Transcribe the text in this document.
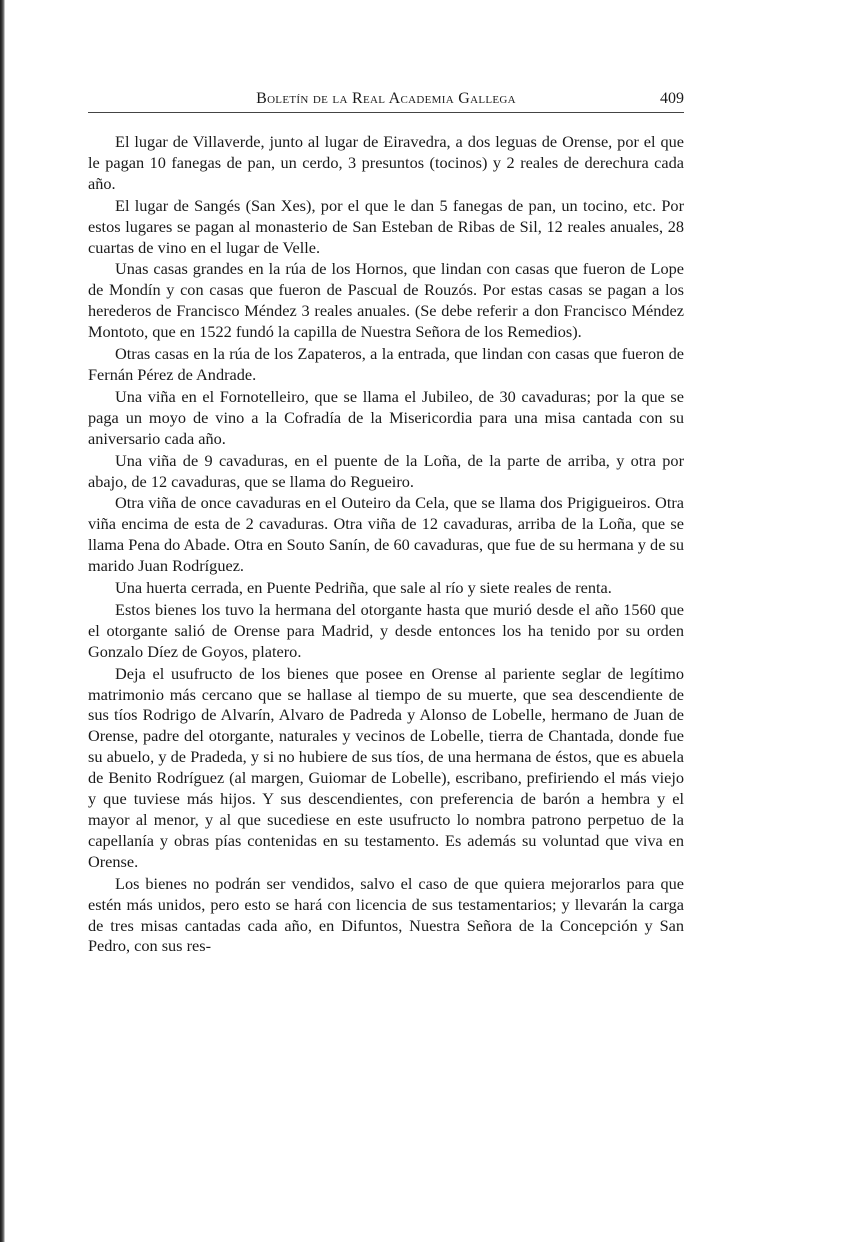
Boletín de la Real Academia Gallega	409

El lugar de Villaverde, junto al lugar de Eiravedra, a dos leguas de Orense, por el que le pagan 10 fanegas de pan, un cerdo, 3 presuntos (tocinos) y 2 reales de derechura cada año.

El lugar de Sangés (San Xes), por el que le dan 5 fanegas de pan, un tocino, etc. Por estos lugares se pagan al monasterio de San Esteban de Ribas de Sil, 12 reales anuales, 28 cuartas de vino en el lugar de Velle.

Unas casas grandes en la rúa de los Hornos, que lindan con casas que fueron de Lope de Mondín y con casas que fueron de Pascual de Rouzós. Por estas casas se pagan a los herederos de Francisco Méndez 3 reales anuales. (Se debe referir a don Francisco Méndez Montoto, que en 1522 fundó la capilla de Nuestra Señora de los Remedios).

Otras casas en la rúa de los Zapateros, a la entrada, que lindan con casas que fueron de Fernán Pérez de Andrade.

Una viña en el Fornotelleiro, que se llama el Jubileo, de 30 cavaduras; por la que se paga un moyo de vino a la Cofradía de la Misericordia para una misa cantada con su aniversario cada año.

Una viña de 9 cavaduras, en el puente de la Loña, de la parte de arriba, y otra por abajo, de 12 cavaduras, que se llama do Regueiro.

Otra viña de once cavaduras en el Outeiro da Cela, que se llama dos Prigigueiros. Otra viña encima de esta de 2 cavaduras. Otra viña de 12 cavaduras, arriba de la Loña, que se llama Pena do Abade. Otra en Souto Sanín, de 60 cavaduras, que fue de su hermana y de su marido Juan Rodríguez.

Una huerta cerrada, en Puente Pedriña, que sale al río y siete reales de renta.

Estos bienes los tuvo la hermana del otorgante hasta que murió desde el año 1560 que el otorgante salió de Orense para Madrid, y desde entonces los ha tenido por su orden Gonzalo Díez de Goyos, platero.

Deja el usufructo de los bienes que posee en Orense al pariente seglar de legítimo matrimonio más cercano que se hallase al tiempo de su muerte, que sea descendiente de sus tíos Rodrigo de Alvarín, Alvaro de Padreda y Alonso de Lobelle, hermano de Juan de Orense, padre del otorgante, naturales y vecinos de Lobelle, tierra de Chantada, donde fue su abuelo, y de Pradeda, y si no hubiere de sus tíos, de una hermana de éstos, que es abuela de Benito Rodríguez (al margen, Guiomar de Lobelle), escribano, prefiriendo el más viejo y que tuviese más hijos. Y sus descendientes, con preferencia de barón a hembra y el mayor al menor, y al que sucediese en este usufructo lo nombra patrono perpetuo de la capellanía y obras pías contenidas en su testamento. Es además su voluntad que viva en Orense.

Los bienes no podrán ser vendidos, salvo el caso de que quiera mejorarlos para que estén más unidos, pero esto se hará con licencia de sus testamentarios; y llevarán la carga de tres misas cantadas cada año, en Difuntos, Nuestra Señora de la Concepción y San Pedro, con sus res-
